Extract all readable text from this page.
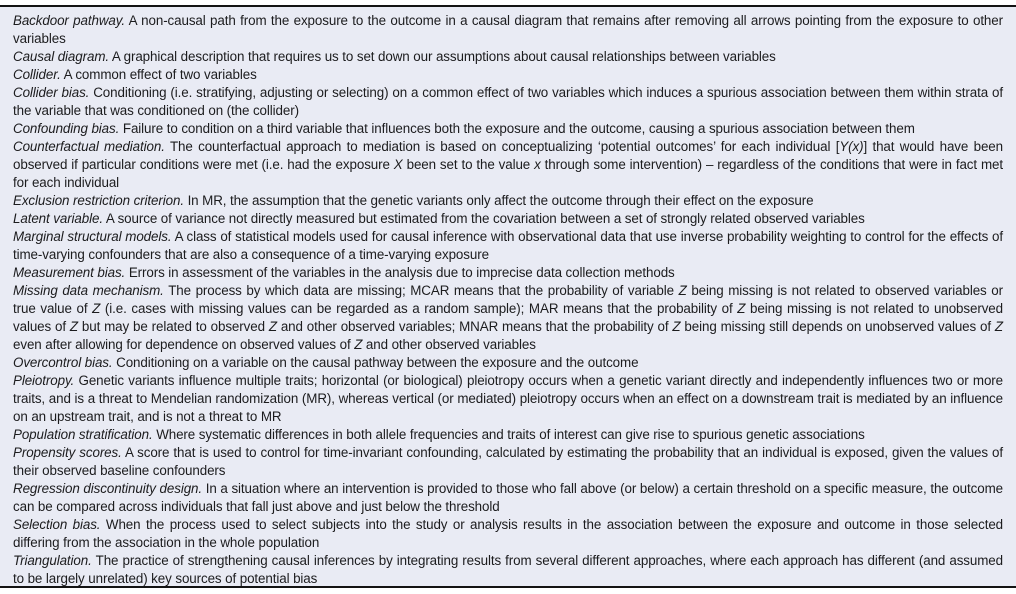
Backdoor pathway. A non-causal path from the exposure to the outcome in a causal diagram that remains after removing all arrows pointing from the exposure to other variables

Causal diagram. A graphical description that requires us to set down our assumptions about causal relationships between variables

Collider. A common effect of two variables

Collider bias. Conditioning (i.e. stratifying, adjusting or selecting) on a common effect of two variables which induces a spurious association between them within strata of the variable that was conditioned on (the collider)

Confounding bias. Failure to condition on a third variable that influences both the exposure and the outcome, causing a spurious association between them

Counterfactual mediation. The counterfactual approach to mediation is based on conceptualizing ‘potential outcomes’ for each individual [Y(x)] that would have been observed if particular conditions were met (i.e. had the exposure X been set to the value x through some intervention) – regardless of the conditions that were in fact met for each individual

Exclusion restriction criterion. In MR, the assumption that the genetic variants only affect the outcome through their effect on the exposure

Latent variable. A source of variance not directly measured but estimated from the covariation between a set of strongly related observed variables

Marginal structural models. A class of statistical models used for causal inference with observational data that use inverse probability weighting to control for the effects of time-varying confounders that are also a consequence of a time-varying exposure

Measurement bias. Errors in assessment of the variables in the analysis due to imprecise data collection methods

Missing data mechanism. The process by which data are missing; MCAR means that the probability of variable Z being missing is not related to observed variables or true value of Z (i.e. cases with missing values can be regarded as a random sample); MAR means that the probability of Z being missing is not related to unobserved values of Z but may be related to observed Z and other observed variables; MNAR means that the probability of Z being missing still depends on unobserved values of Z even after allowing for dependence on observed values of Z and other observed variables

Overcontrol bias. Conditioning on a variable on the causal pathway between the exposure and the outcome

Pleiotropy. Genetic variants influence multiple traits; horizontal (or biological) pleiotropy occurs when a genetic variant directly and independently influences two or more traits, and is a threat to Mendelian randomization (MR), whereas vertical (or mediated) pleiotropy occurs when an effect on a downstream trait is mediated by an influence on an upstream trait, and is not a threat to MR

Population stratification. Where systematic differences in both allele frequencies and traits of interest can give rise to spurious genetic associations

Propensity scores. A score that is used to control for time-invariant confounding, calculated by estimating the probability that an individual is exposed, given the values of their observed baseline confounders

Regression discontinuity design. In a situation where an intervention is provided to those who fall above (or below) a certain threshold on a specific measure, the outcome can be compared across individuals that fall just above and just below the threshold

Selection bias. When the process used to select subjects into the study or analysis results in the association between the exposure and outcome in those selected differing from the association in the whole population

Triangulation. The practice of strengthening causal inferences by integrating results from several different approaches, where each approach has different (and assumed to be largely unrelated) key sources of potential bias
